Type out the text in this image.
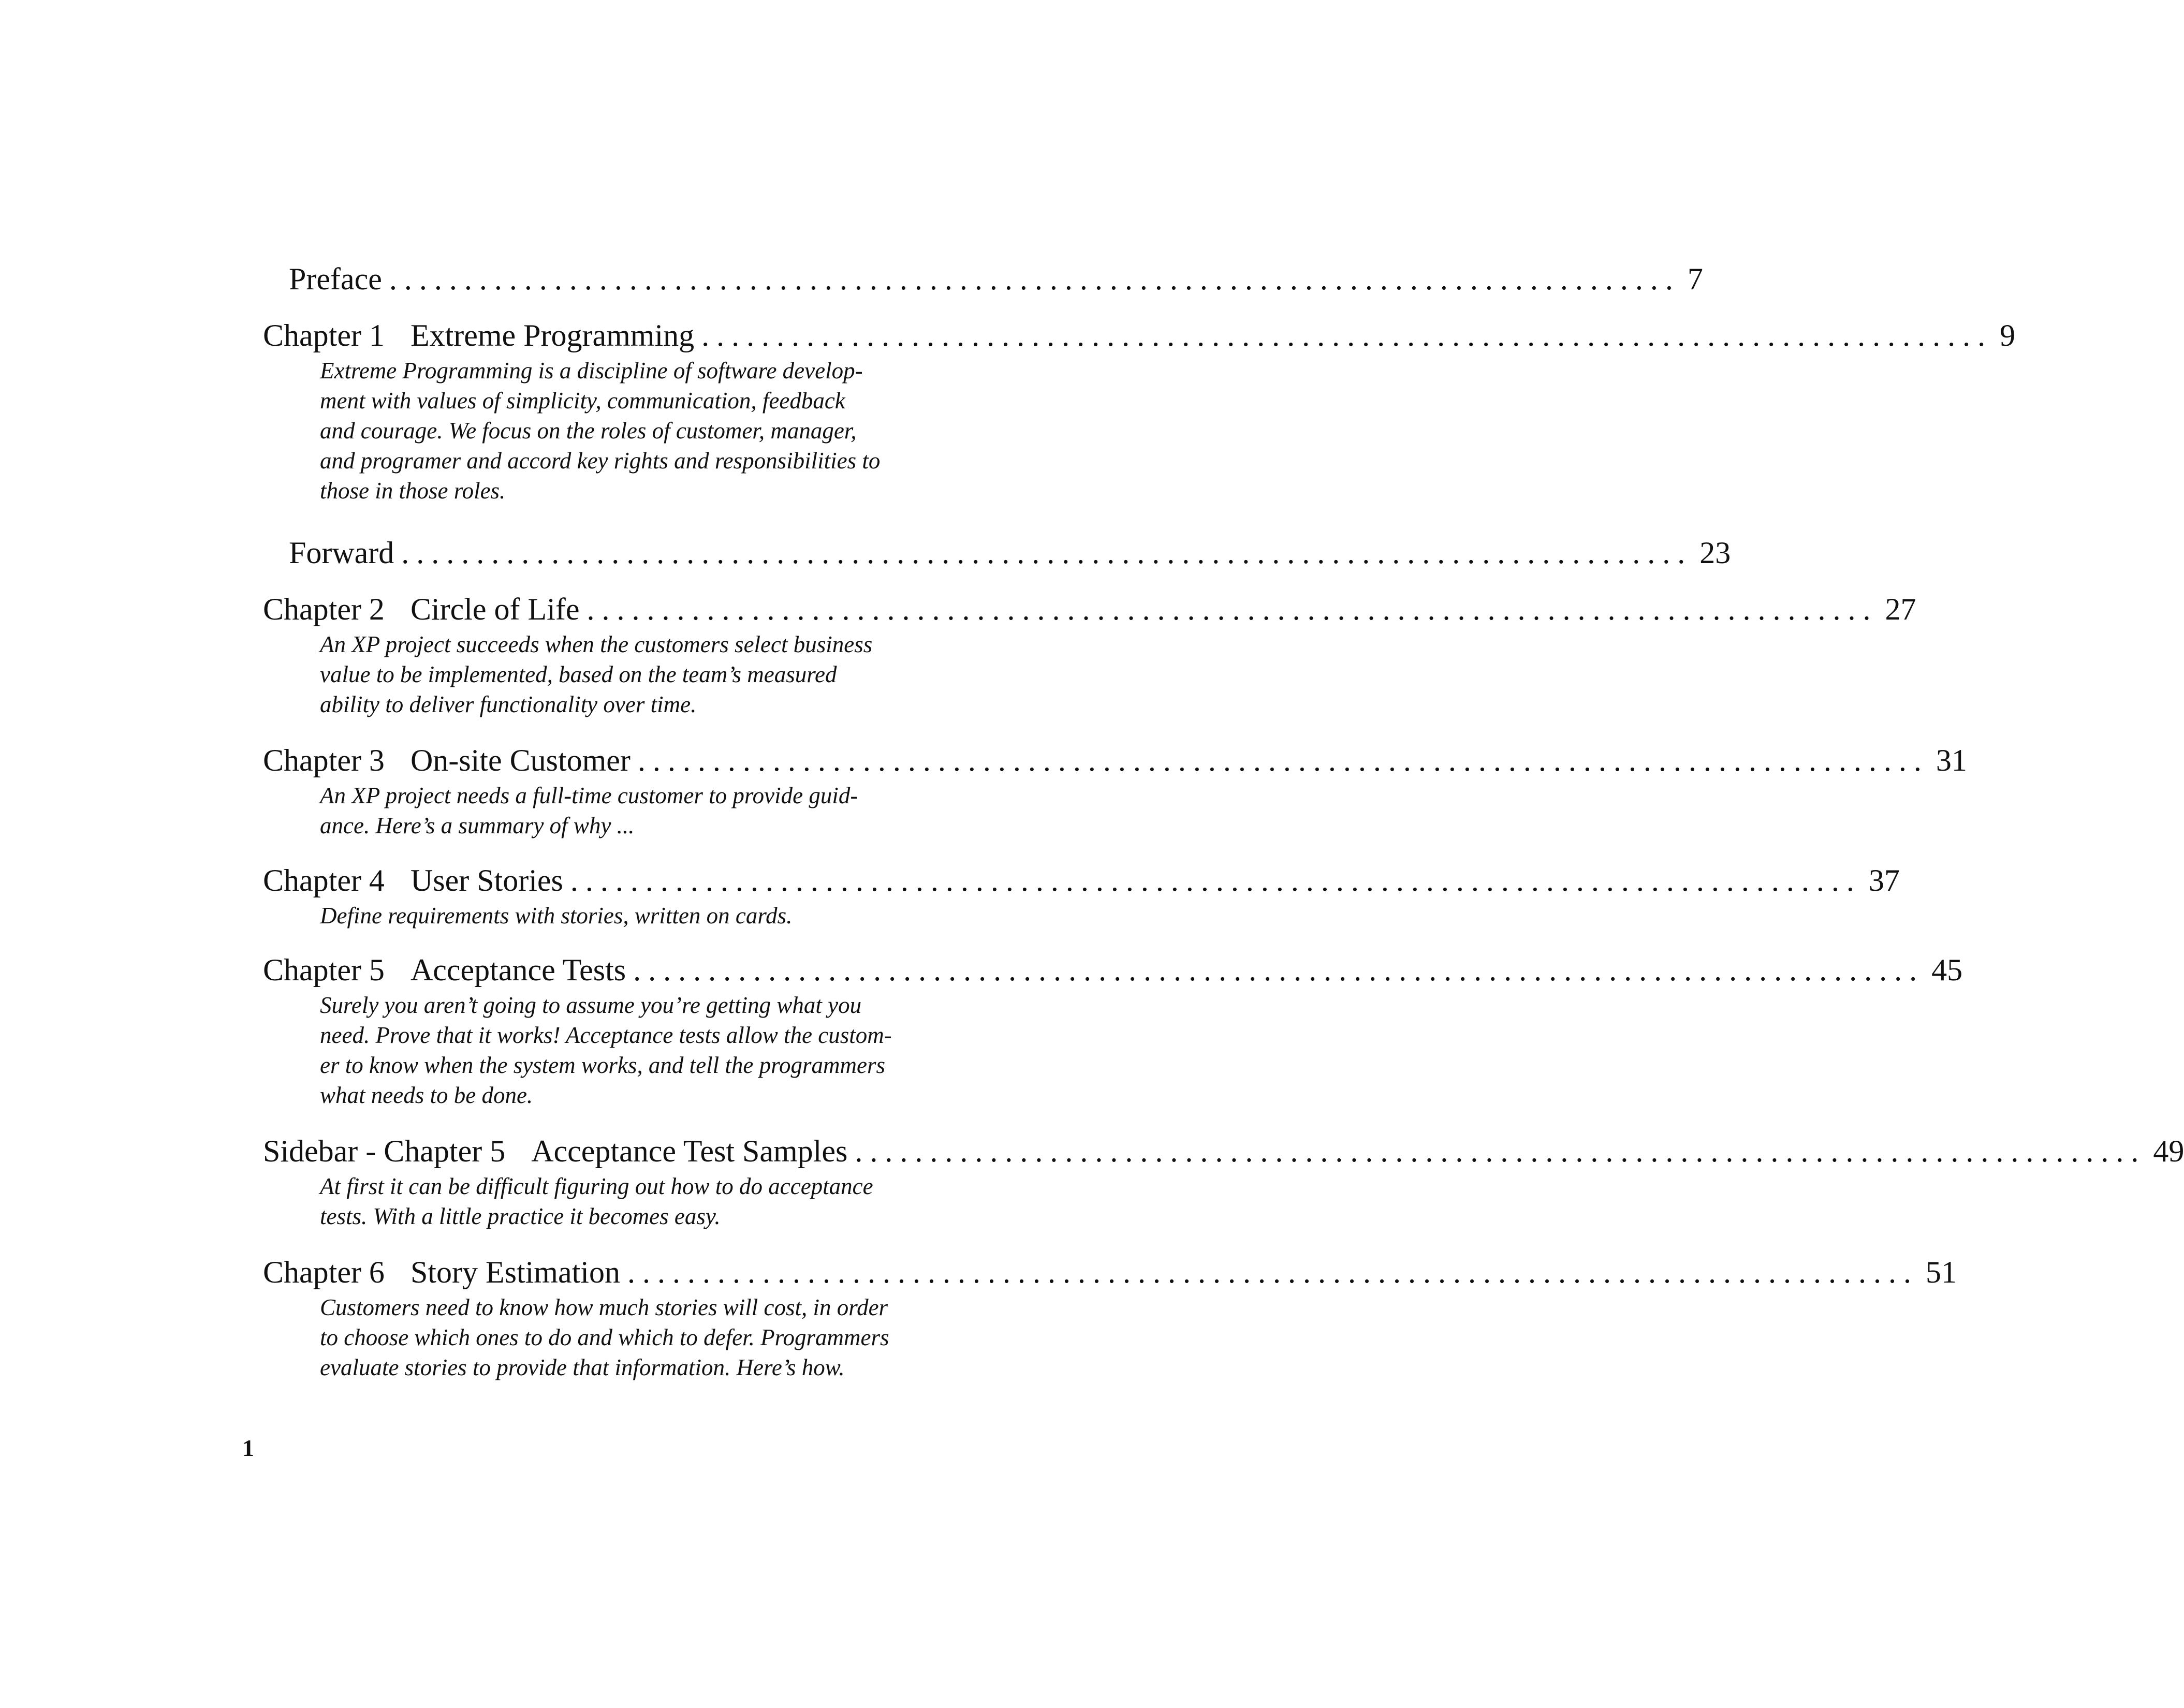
Preface ...................................................................................... 7
Chapter 1 Extreme Programming ...................................................................................... 9
Extreme Programming is a discipline of software develop-
ment with values of simplicity, communication, feedback
and courage. We focus on the roles of customer, manager,
and programer and accord key rights and responsibilities to
those in those roles.
Forward ...................................................................................... 23
Chapter 2 Circle of Life ...................................................................................... 27
An XP project succeeds when the customers select business
value to be implemented, based on the team’s measured
ability to deliver functionality over time.
Chapter 3 On-site Customer ...................................................................................... 31
An XP project needs a full-time customer to provide guid-
ance. Here’s a summary of why ...
Chapter 4 User Stories ...................................................................................... 37
Define requirements with stories, written on cards.
Chapter 5 Acceptance Tests ...................................................................................... 45
Surely you aren’t going to assume you’re getting what you
need. Prove that it works! Acceptance tests allow the custom-
er to know when the system works, and tell the programmers
what needs to be done.
Sidebar - Chapter 5 Acceptance Test Samples ...................................................................................... 49
At first it can be difficult figuring out how to do acceptance
tests. With a little practice it becomes easy.
Chapter 6 Story Estimation ...................................................................................... 51
Customers need to know how much stories will cost, in order
to choose which ones to do and which to defer. Programmers
evaluate stories to provide that information. Here’s how.
1
